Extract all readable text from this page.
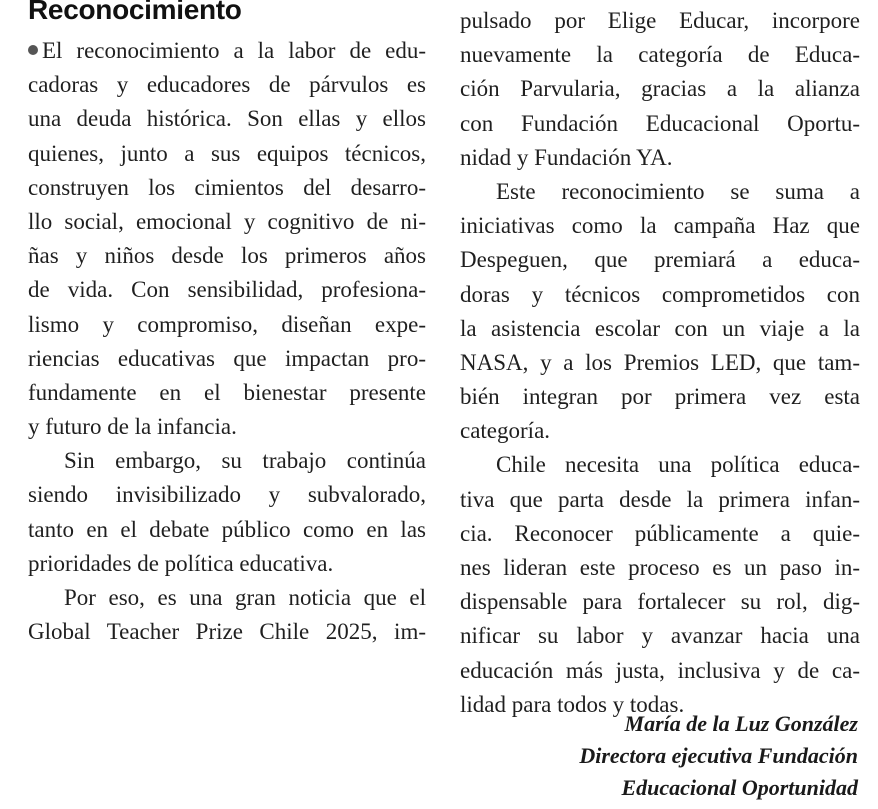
Reconocimiento
El reconocimiento a la labor de edu-
cadoras y educadores de párvulos es
una deuda histórica. Son ellas y ellos
quienes, junto a sus equipos técnicos,
construyen los cimientos del desarro-
llo social, emocional y cognitivo de ni-
ñas y niños desde los primeros años
de vida. Con sensibilidad, profesiona-
lismo y compromiso, diseñan expe-
riencias educativas que impactan pro-
fundamente en el bienestar presente
y futuro de la infancia.
Sin embargo, su trabajo continúa
siendo invisibilizado y subvalorado,
tanto en el debate público como en las
prioridades de política educativa.
Por eso, es una gran noticia que el
Global Teacher Prize Chile 2025, im-
pulsado por Elige Educar, incorpore
nuevamente la categoría de Educa-
ción Parvularia, gracias a la alianza
con Fundación Educacional Oportu-
nidad y Fundación YA.
Este reconocimiento se suma a
iniciativas como la campaña Haz que
Despeguen, que premiará a educa-
doras y técnicos comprometidos con
la asistencia escolar con un viaje a la
NASA, y a los Premios LED, que tam-
bién integran por primera vez esta
categoría.
Chile necesita una política educa-
tiva que parta desde la primera infan-
cia. Reconocer públicamente a quie-
nes lideran este proceso es un paso in-
dispensable para fortalecer su rol, dig-
nificar su labor y avanzar hacia una
educación más justa, inclusiva y de ca-
lidad para todos y todas.
María de la Luz González
Directora ejecutiva Fundación
Educacional Oportunidad
